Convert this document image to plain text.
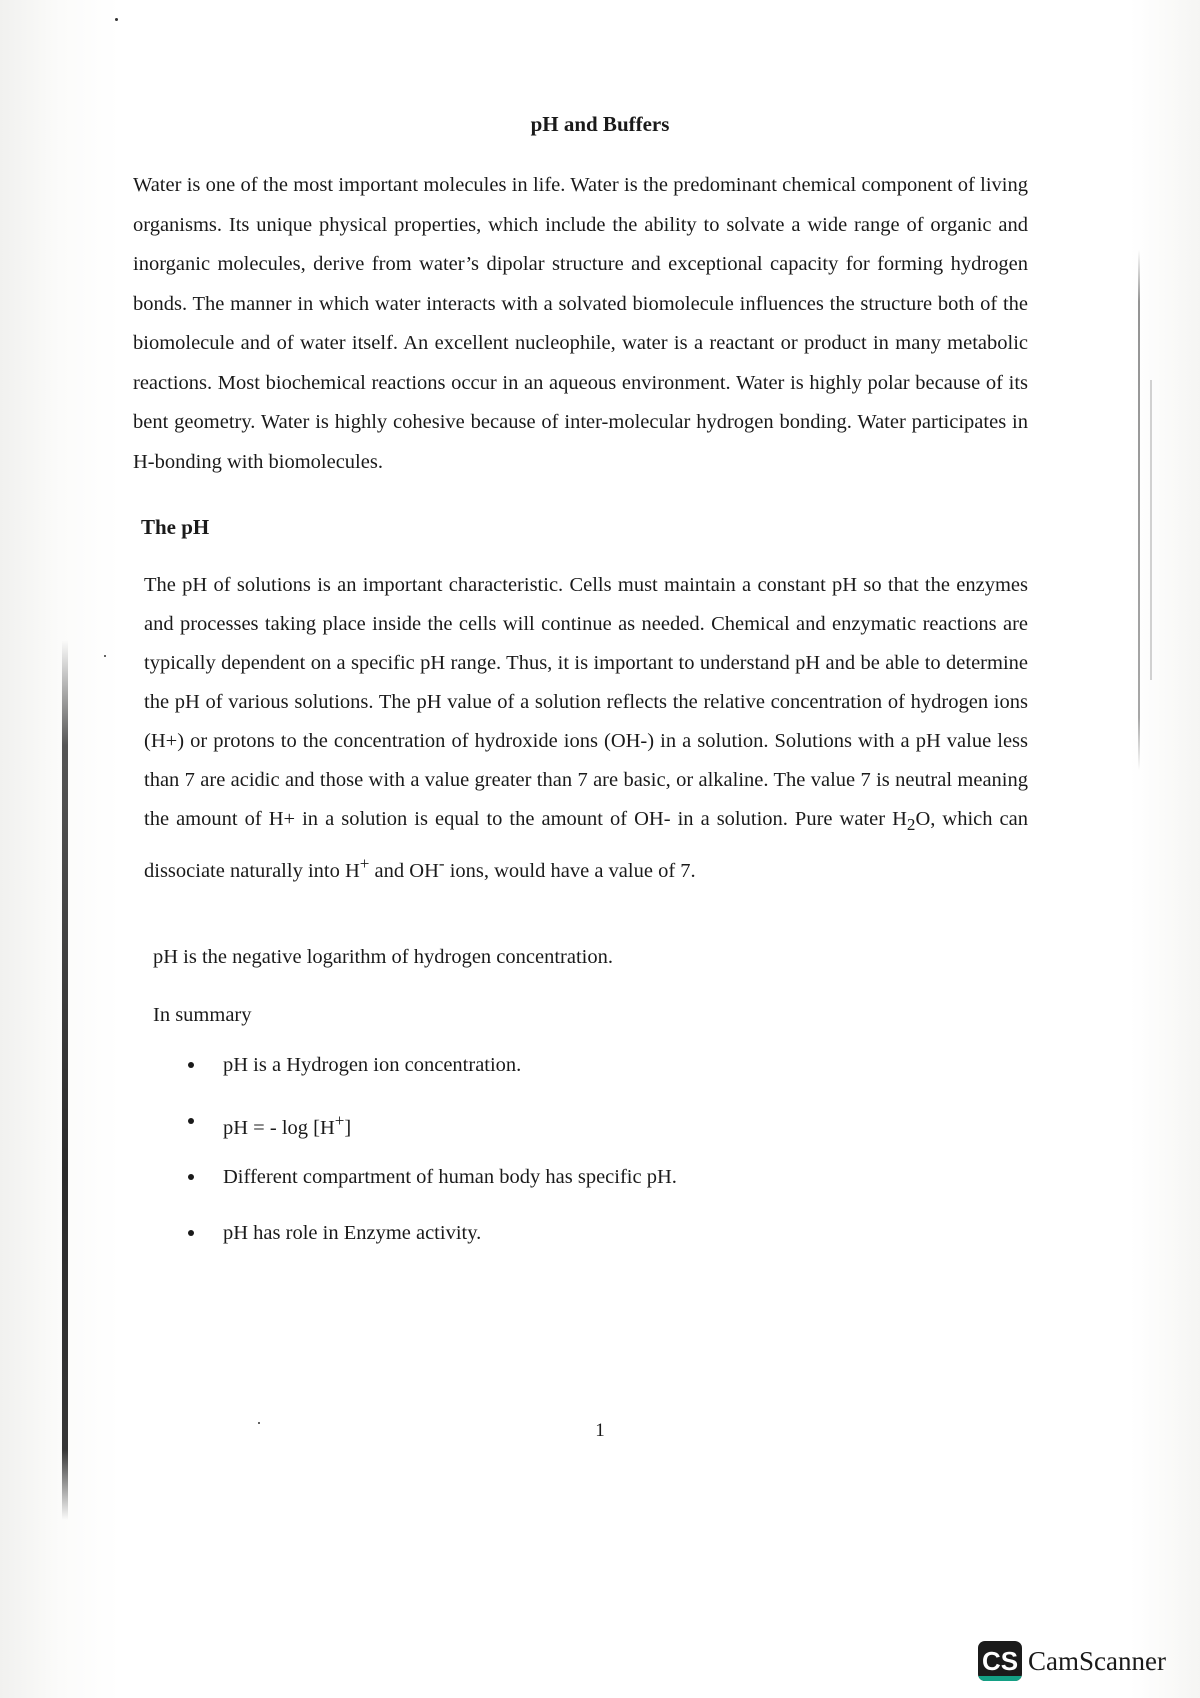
pH and Buffers
Water is one of the most important molecules in life. Water is the predominant chemical component of living organisms. Its unique physical properties, which include the ability to solvate a wide range of organic and inorganic molecules, derive from water’s dipolar structure and exceptional capacity for forming hydrogen bonds. The manner in which water interacts with a solvated biomolecule influences the structure both of the biomolecule and of water itself. An excellent nucleophile, water is a reactant or product in many metabolic reactions. Most biochemical reactions occur in an aqueous environment. Water is highly polar because of its bent geometry. Water is highly cohesive because of inter-molecular hydrogen bonding. Water participates in H-bonding with biomolecules.
The pH
The pH of solutions is an important characteristic. Cells must maintain a constant pH so that the enzymes and processes taking place inside the cells will continue as needed. Chemical and enzymatic reactions are typically dependent on a specific pH range. Thus, it is important to understand pH and be able to determine the pH of various solutions. The pH value of a solution reflects the relative concentration of hydrogen ions (H+) or protons to the concentration of hydroxide ions (OH-) in a solution. Solutions with a pH value less than 7 are acidic and those with a value greater than 7 are basic, or alkaline. The value 7 is neutral meaning the amount of H+ in a solution is equal to the amount of OH- in a solution. Pure water $H_2O$, which can dissociate naturally into H+ and OH- ions, would have a value of 7.
pH is the negative logarithm of hydrogen concentration.
In summary
pH is a Hydrogen ion concentration.
pH = - log [H+]
Different compartment of human body has specific pH.
pH has role in Enzyme activity.
1
CS CamScanner
